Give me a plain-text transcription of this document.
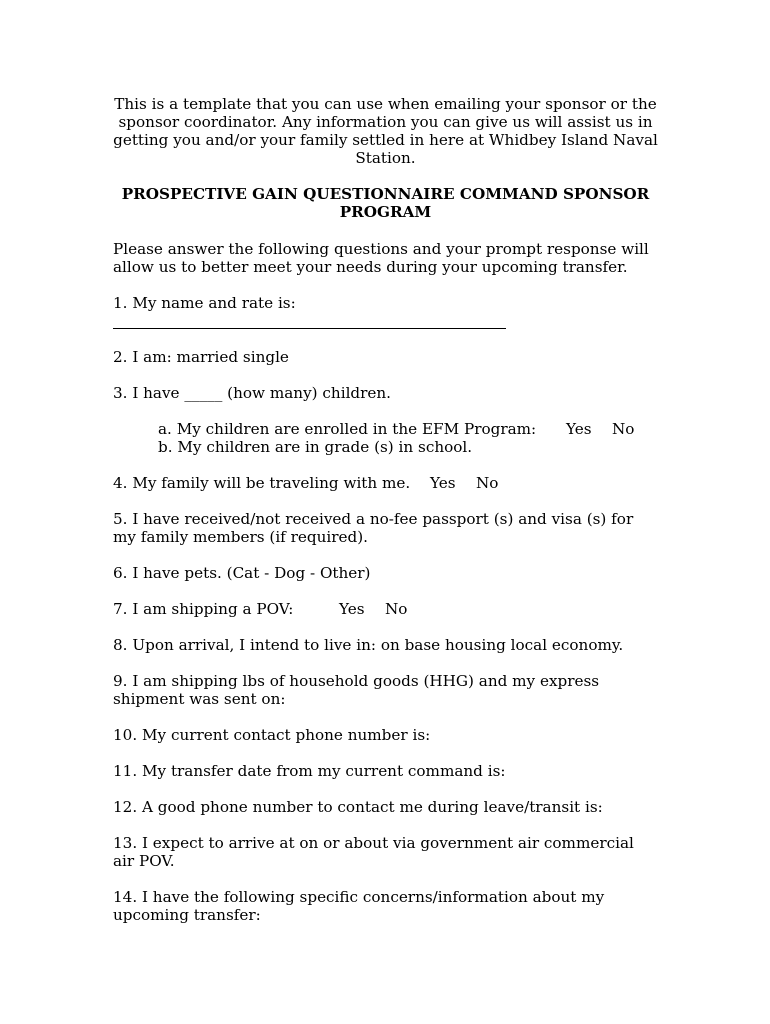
This is a template that you can use when emailing your sponsor or the sponsor coordinator. Any information you can give us will assist us in getting you and/or your family settled in here at Whidbey Island Naval Station.
PROSPECTIVE GAIN QUESTIONNAIRE COMMAND SPONSOR PROGRAM
Please answer the following questions and your prompt response will allow us to better meet your needs during your upcoming transfer.
1. My name and rate is:
2. I am: married single
3. I have _____ (how many) children.
a. My children are enrolled in the EFM Program: Yes No
b. My children are in grade (s) in school.
4. My family will be traveling with me.	Yes No
5. I have received/not received a no-fee passport (s) and visa (s) for my family members (if required).
6. I have pets. (Cat - Dog - Other)
7. I am shipping a POV:	Yes No
8. Upon arrival, I intend to live in: on base housing local economy.
9. I am shipping lbs of household goods (HHG) and my express shipment was sent on:
10. My current contact phone number is:
11. My transfer date from my current command is:
12. A good phone number to contact me during leave/transit is:
13. I expect to arrive at on or about via government air commercial air POV.
14. I have the following specific concerns/information about my upcoming transfer:
